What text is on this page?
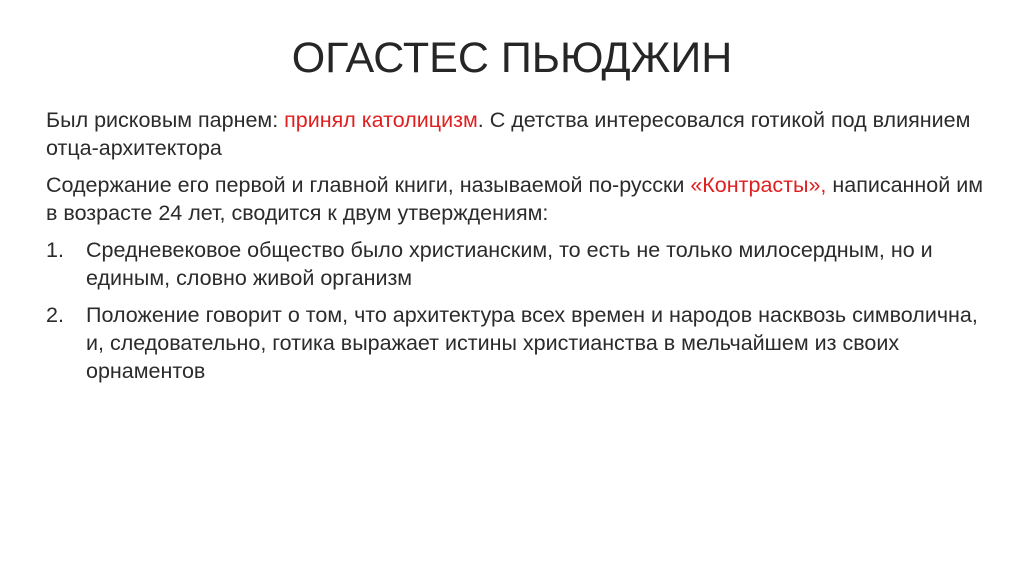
ОГАСТЕС ПЬЮДЖИН

Был рисковым парнем: принял католицизм. С детства интересовался готикой под влиянием отца-архитектора

Содержание его первой и главной книги, называемой по-русски «Контрасты», написанной им в возрасте 24 лет, сводится к двум утверждениям:

1. Средневековое общество было христианским, то есть не только милосердным, но и единым, словно живой организм
2. Положение говорит о том, что архитектура всех времен и народов насквозь символична, и, следовательно, готика выражает истины христианства в мельчайшем из своих орнаментов
